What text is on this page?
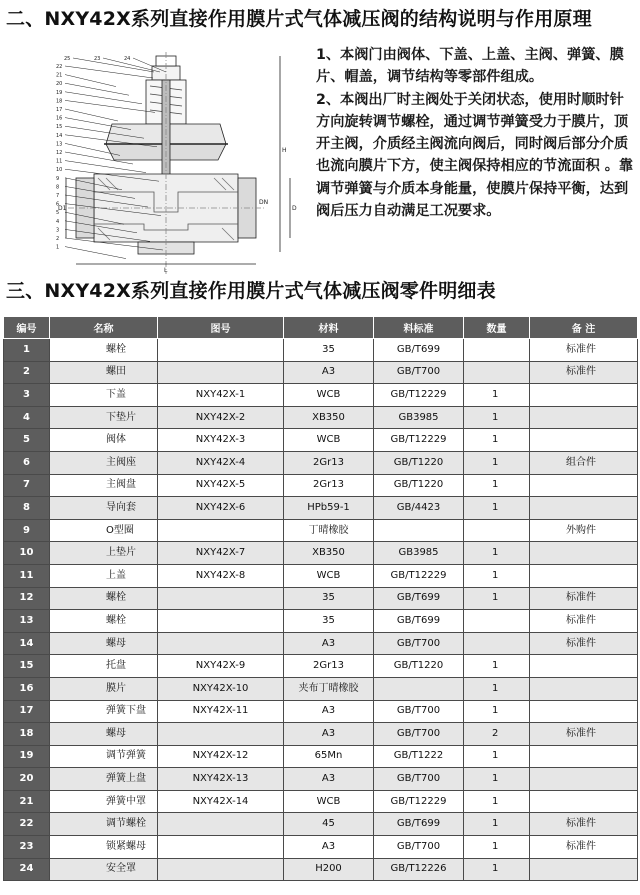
二、NXY42X系列直接作用膜片式气体减压阀的结构说明与作用原理
25	23	24
22
21
20
19
18
17
16
15
14
13
12
11
10
9
8
7
6
5
4
3
2
1
H
L
DN
D
D1

1、本阀门由阀体、下盖、上盖、主阀、弹簧、膜片、帽盖，调节结构等零部件组成。

2、本阀出厂时主阀处于关闭状态，使用时顺时针方向旋转调节螺栓，通过调节弹簧受力于膜片，顶开主阀，介质经主阀流向阀后，同时阀后部分介质也流向膜片下方，使主阀保持相应的节流面积 。靠调节弹簧与介质本身能量，使膜片保持平衡，达到阀后压力自动满足工况要求。

三、NXY42X系列直接作用膜片式气体减压阀零件明细表
编号	名称	图号	材料	料标准	数量	备 注
1	螺栓		35	GB/T699		标准件
2	螺田		A3	GB/T700		标准件
3	下盖	NXY42X-1	WCB	GB/T12229	1	
4	下垫片	NXY42X-2	XB350	GB3985	1	
5	阀体	NXY42X-3	WCB	GB/T12229	1	
6	主阀座	NXY42X-4	2Gr13	GB/T1220	1	组合件
7	主阀盘	NXY42X-5	2Gr13	GB/T1220	1	
8	导向套	NXY42X-6	HPb59-1	GB/4423	1	
9	O型圈		丁晴橡胶			外购件
10	上垫片	NXY42X-7	XB350	GB3985	1	
11	上盖	NXY42X-8	WCB	GB/T12229	1	
12	螺栓		35	GB/T699	1	标准件
13	螺栓		35	GB/T699		标准件
14	螺母		A3	GB/T700		标准件
15	托盘	NXY42X-9	2Gr13	GB/T1220	1	
16	膜片	NXY42X-10	夹布丁晴橡胶		1	
17	弹簧下盘	NXY42X-11	A3	GB/T700	1	
18	螺母		A3	GB/T700	2	标准件
19	调节弹簧	NXY42X-12	65Mn	GB/T1222	1	
20	弹簧上盘	NXY42X-13	A3	GB/T700	1	
21	弹簧中罩	NXY42X-14	WCB	GB/T12229	1	
22	调节螺栓		45	GB/T699	1	标准件
23	锁紧螺母		A3	GB/T700	1	标准件
24	安全罩		H200	GB/T12226	1	
